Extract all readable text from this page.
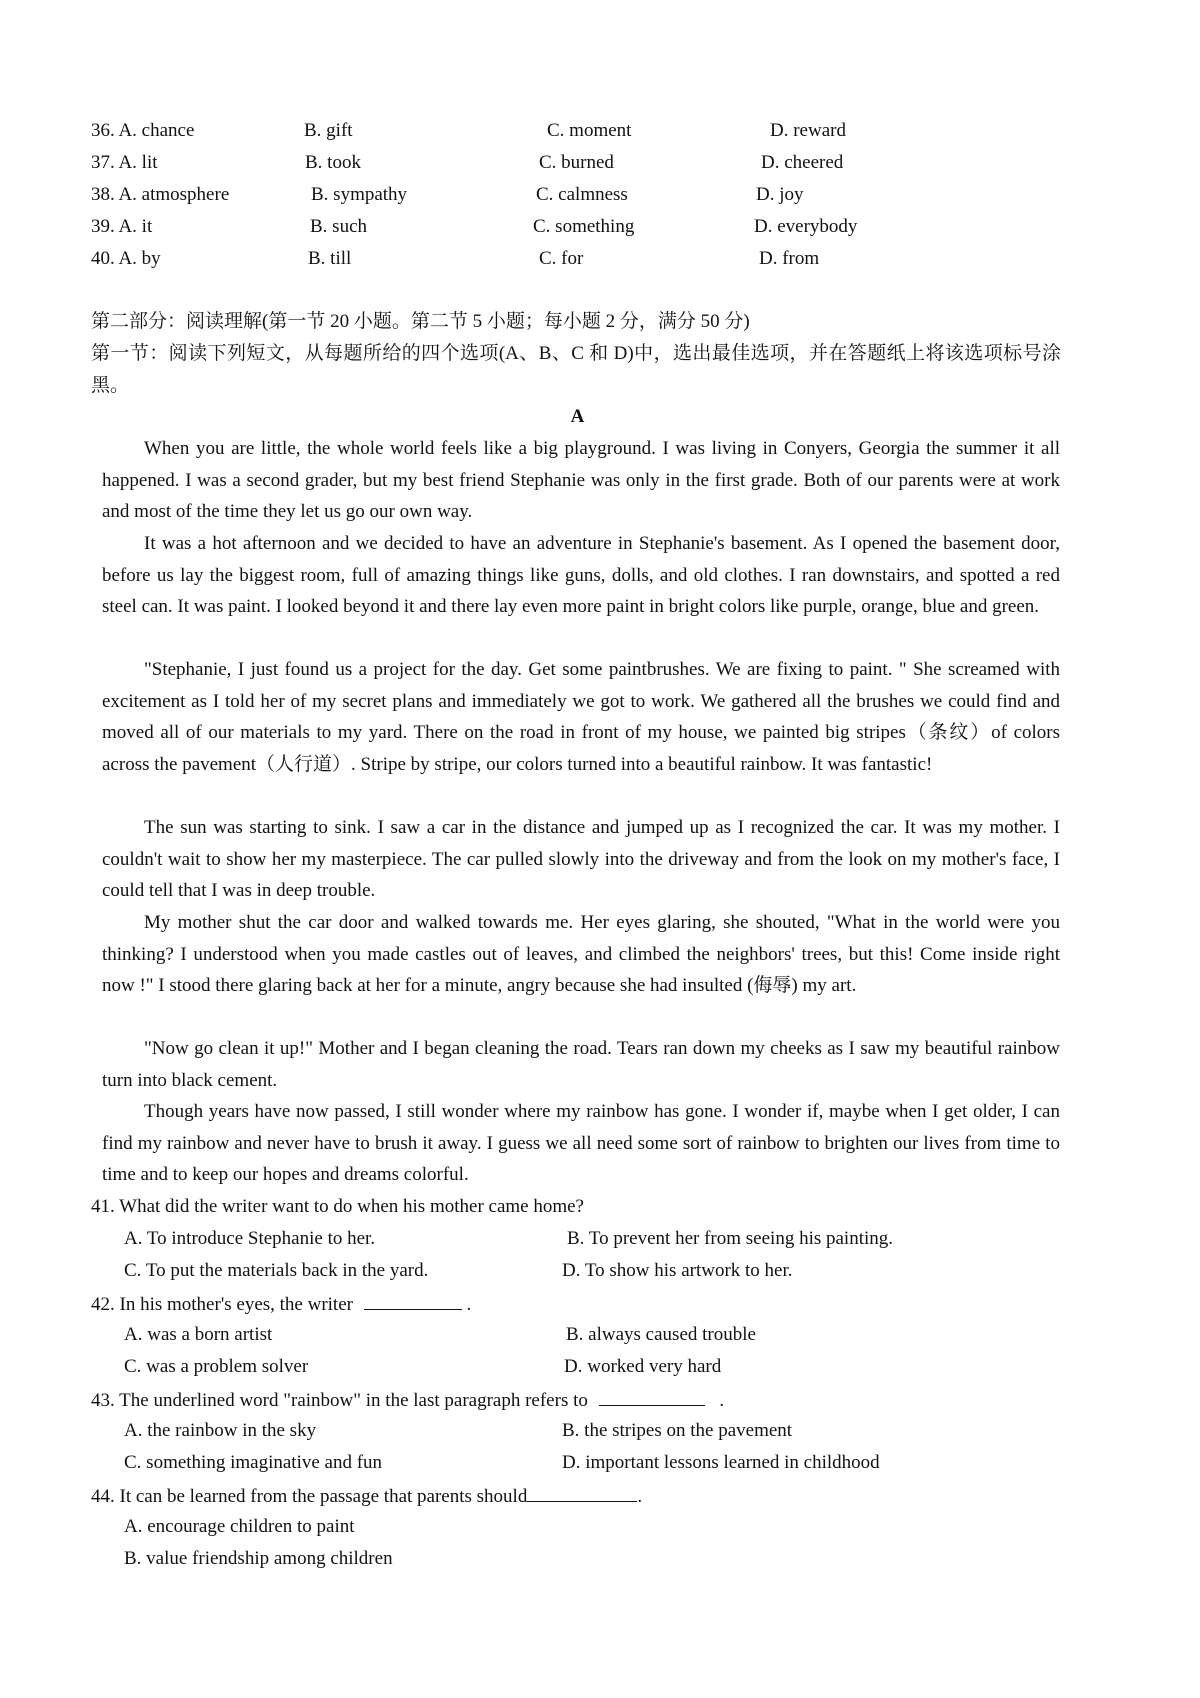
36. A. chance	B. gift	C. moment	D. reward
37. A. lit	B. took	C. burned	D. cheered
38. A. atmosphere	B. sympathy	C. calmness	D. joy
39. A. it	B. such	C. something	D. everybody
40. A. by	B. till	C. for	D. from
第二部分：阅读理解(第一节 20 小题。第二节 5 小题；每小题 2 分，满分 50 分)
第一节：阅读下列短文，从每题所给的四个选项(A、B、C 和 D)中，选出最佳选项，并在答题纸上将该选项标号涂黑。
A
When you are little, the whole world feels like a big playground. I was living in Conyers, Georgia the summer it all happened. I was a second grader, but my best friend Stephanie was only in the first grade. Both of our parents were at work and most of the time they let us go our own way.
It was a hot afternoon and we decided to have an adventure in Stephanie's basement. As I opened the basement door, before us lay the biggest room, full of amazing things like guns, dolls, and old clothes. I ran downstairs, and spotted a red steel can. It was paint. I looked beyond it and there lay even more paint in bright colors like purple, orange, blue and green.
"Stephanie, I just found us a project for the day. Get some paintbrushes. We are fixing to paint. " She screamed with excitement as I told her of my secret plans and immediately we got to work. We gathered all the brushes we could find and moved all of our materials to my yard. There on the road in front of my house, we painted big stripes（条纹）of colors across the pavement（人行道）. Stripe by stripe, our colors turned into a beautiful rainbow. It was fantastic!
The sun was starting to sink. I saw a car in the distance and jumped up as I recognized the car. It was my mother. I couldn't wait to show her my masterpiece. The car pulled slowly into the driveway and from the look on my mother's face, I could tell that I was in deep trouble.
My mother shut the car door and walked towards me. Her eyes glaring, she shouted, "What in the world were you thinking? I understood when you made castles out of leaves, and climbed the neighbors' trees, but this! Come inside right now !" I stood there glaring back at her for a minute, angry because she had insulted (侮辱) my art.
"Now go clean it up!" Mother and I began cleaning the road. Tears ran down my cheeks as I saw my beautiful rainbow turn into black cement.
Though years have now passed, I still wonder where my rainbow has gone. I wonder if, maybe when I get older, I can find my rainbow and never have to brush it away. I guess we all need some sort of rainbow to brighten our lives from time to time and to keep our hopes and dreams colorful.
41. What did the writer want to do when his mother came home?
A. To introduce Stephanie to her.	B. To prevent her from seeing his painting.
C. To put the materials back in the yard.	D. To show his artwork to her.
42. In his mother's eyes, the writer	.
A. was a born artist	B. always caused trouble
C. was a problem solver	D. worked very hard
43. The underlined word "rainbow" in the last paragraph refers to	.
A. the rainbow in the sky	B. the stripes on the pavement
C. something imaginative and fun	D. important lessons learned in childhood
44. It can be learned from the passage that parents should	.
A. encourage children to paint
B. value friendship among children
